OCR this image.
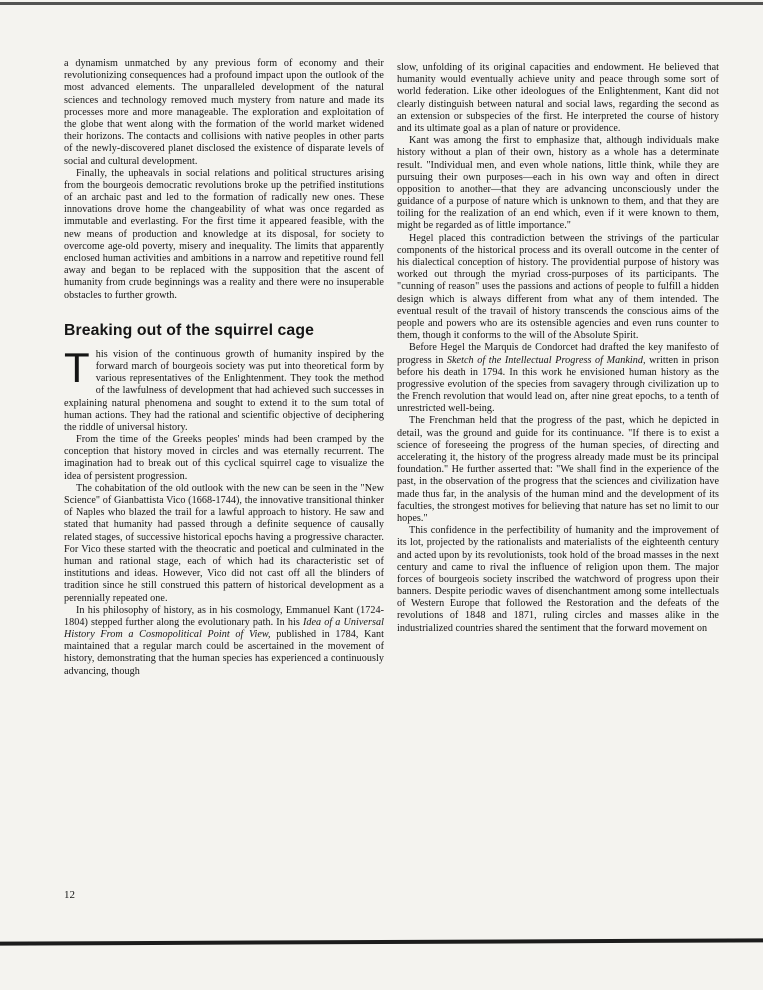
a dynamism unmatched by any previous form of economy and their revolutionizing consequences had a profound impact upon the outlook of the most advanced elements. The unparalleled development of the natural sciences and technology removed much mystery from nature and made its processes more and more manageable. The exploration and exploitation of the globe that went along with the formation of the world market widened their horizons. The contacts and collisions with native peoples in other parts of the newly-discovered planet disclosed the existence of disparate levels of social and cultural development.

Finally, the upheavals in social relations and political structures arising from the bourgeois democratic revolutions broke up the petrified institutions of an archaic past and led to the formation of radically new ones. These innovations drove home the changeability of what was once regarded as immutable and everlasting. For the first time it appeared feasible, with the new means of production and knowledge at its disposal, for society to overcome age-old poverty, misery and inequality. The limits that apparently enclosed human activities and ambitions in a narrow and repetitive round fell away and began to be replaced with the supposition that the ascent of humanity from crude beginnings was a reality and there were no insuperable obstacles to further growth.

Breaking out of the squirrel cage

This vision of the continuous growth of humanity inspired by the forward march of bourgeois society was put into theoretical form by various representatives of the Enlightenment. They took the method of the lawfulness of development that had achieved such successes in explaining natural phenomena and sought to extend it to the sum total of human actions. They had the rational and scientific objective of deciphering the riddle of universal history.

From the time of the Greeks peoples' minds had been cramped by the conception that history moved in circles and was eternally recurrent. The imagination had to break out of this cyclical squirrel cage to visualize the idea of persistent progression.

The cohabitation of the old outlook with the new can be seen in the "New Science" of Gianbattista Vico (1668-1744), the innovative transitional thinker of Naples who blazed the trail for a lawful approach to history. He saw and stated that humanity had passed through a definite sequence of causally related stages, of successive historical epochs having a progressive character. For Vico these started with the theocratic and poetical and culminated in the human and rational stage, each of which had its characteristic set of institutions and ideas. However, Vico did not cast off all the blinders of tradition since he still construed this pattern of historical development as a perennially repeated one.

In his philosophy of history, as in his cosmology, Emmanuel Kant (1724-1804) stepped further along the evolutionary path. In his Idea of a Universal History From a Cosmopolitical Point of View, published in 1784, Kant maintained that a regular march could be ascertained in the movement of history, demonstrating that the human species has experienced a continuously advancing, though

slow, unfolding of its original capacities and endowment. He believed that humanity would eventually achieve unity and peace through some sort of world federation. Like other ideologues of the Enlightenment, Kant did not clearly distinguish between natural and social laws, regarding the second as an extension or subspecies of the first. He interpreted the course of history and its ultimate goal as a plan of nature or providence.

Kant was among the first to emphasize that, although individuals make history without a plan of their own, history as a whole has a determinate result. "Individual men, and even whole nations, little think, while they are pursuing their own purposes—each in his own way and often in direct opposition to another—that they are advancing unconsciously under the guidance of a purpose of nature which is unknown to them, and that they are toiling for the realization of an end which, even if it were known to them, might be regarded as of little importance."

Hegel placed this contradiction between the strivings of the particular components of the historical process and its overall outcome in the center of his dialectical conception of history. The providential purpose of history was worked out through the myriad cross-purposes of its participants. The "cunning of reason" uses the passions and actions of people to fulfill a hidden design which is always different from what any of them intended. The eventual result of the travail of history transcends the conscious aims of the people and powers who are its ostensible agencies and even runs counter to them, though it conforms to the will of the Absolute Spirit.

Before Hegel the Marquis de Condorcet had drafted the key manifesto of progress in Sketch of the Intellectual Progress of Mankind, written in prison before his death in 1794. In this work he envisioned human history as the progressive evolution of the species from savagery through civilization up to the French revolution that would lead on, after nine great epochs, to a tenth of unrestricted well-being.

The Frenchman held that the progress of the past, which he depicted in detail, was the ground and guide for its continuance. "If there is to exist a science of foreseeing the progress of the human species, of directing and accelerating it, the history of the progress already made must be its principal foundation." He further asserted that: "We shall find in the experience of the past, in the observation of the progress that the sciences and civilization have made thus far, in the analysis of the human mind and the development of its faculties, the strongest motives for believing that nature has set no limit to our hopes."

This confidence in the perfectibility of humanity and the improvement of its lot, projected by the rationalists and materialists of the eighteenth century and acted upon by its revolutionists, took hold of the broad masses in the next century and came to rival the influence of religion upon them. The major forces of bourgeois society inscribed the watchword of progress upon their banners. Despite periodic waves of disenchantment among some intellectuals of Western Europe that followed the Restoration and the defeats of the revolutions of 1848 and 1871, ruling circles and masses alike in the industrialized countries shared the sentiment that the forward movement on

12
